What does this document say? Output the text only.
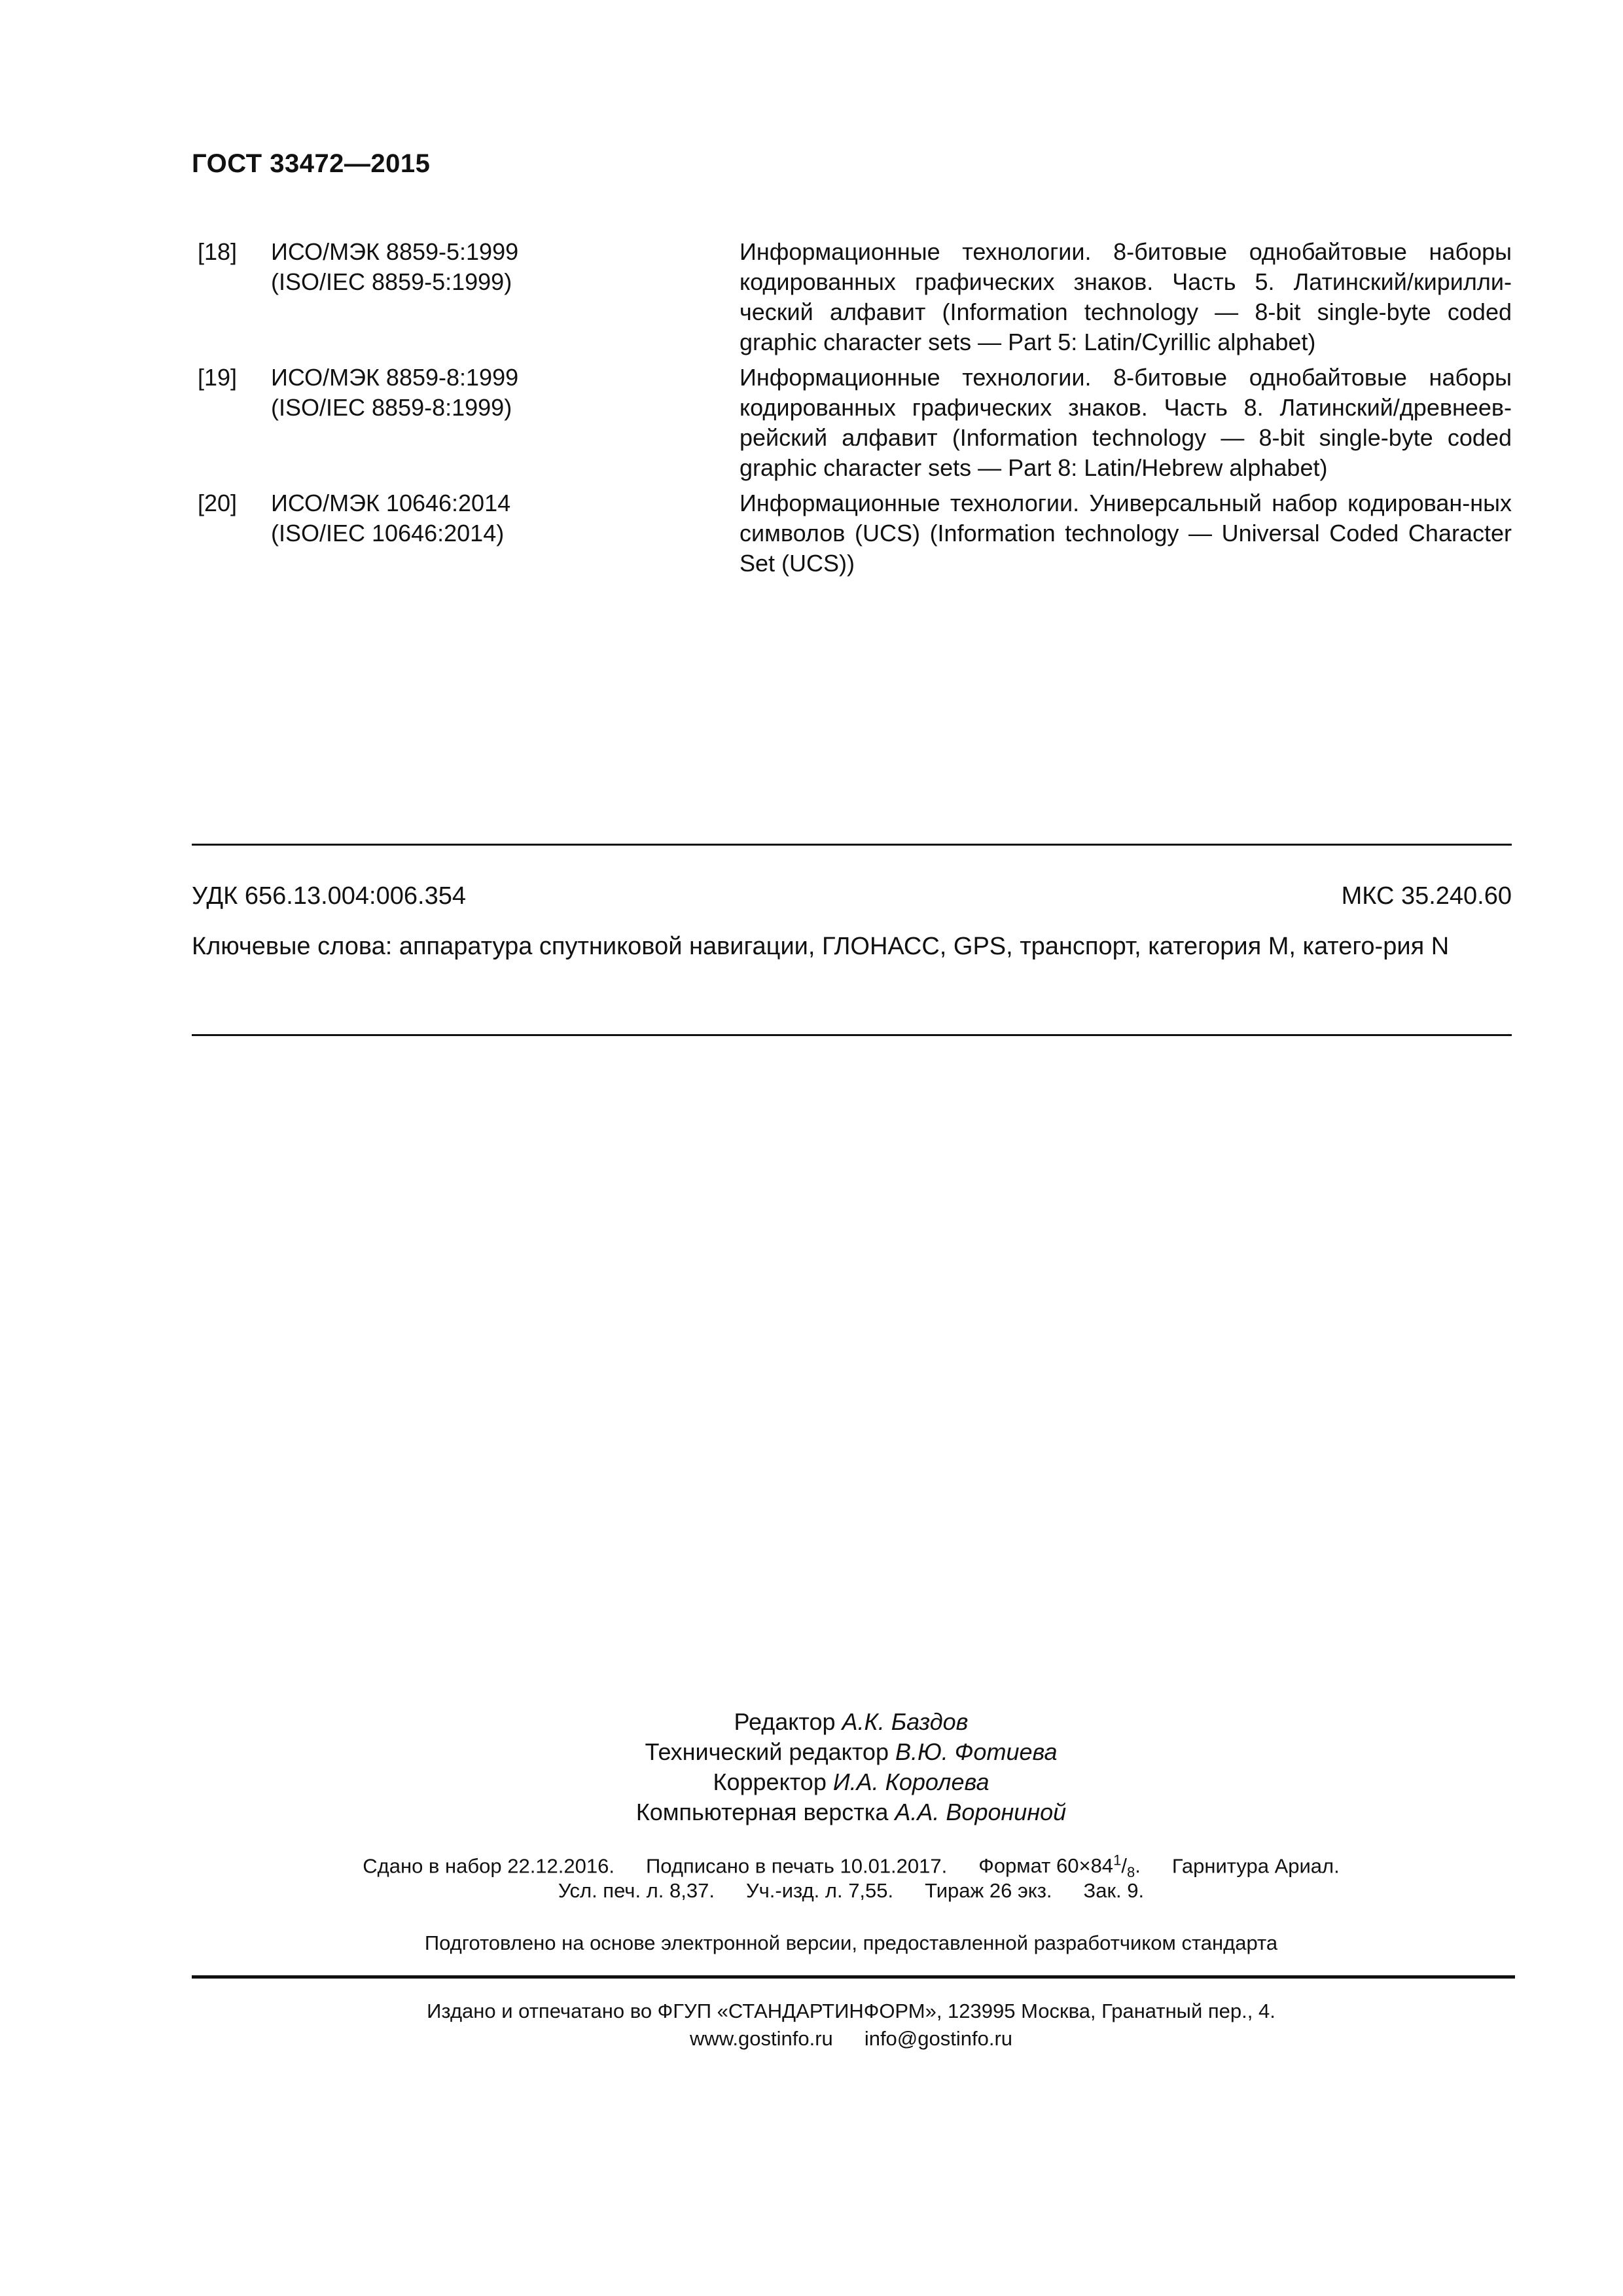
ГОСТ 33472—2015
[18] ИСО/МЭК 8859-5:1999
(ISO/IEC 8859-5:1999)
Информационные технологии. 8-битовые однобайтовые наборы кодированных графических знаков. Часть 5. Латинский/кирилли-ческий алфавит (Information technology — 8-bit single-byte coded graphic character sets — Part 5: Latin/Cyrillic alphabet)
[19] ИСО/МЭК 8859-8:1999
(ISO/IEC 8859-8:1999)
Информационные технологии. 8-битовые однобайтовые наборы кодированных графических знаков. Часть 8. Латинский/древнеев-рейский алфавит (Information technology — 8-bit single-byte coded graphic character sets — Part 8: Latin/Hebrew alphabet)
[20] ИСО/МЭК 10646:2014
(ISO/IEC 10646:2014)
Информационные технологии. Универсальный набор кодирован-ных символов (UCS) (Information technology — Universal Coded Character Set (UCS))
УДК 656.13.004:006.354	МКС 35.240.60
Ключевые слова: аппаратура спутниковой навигации, ГЛОНАСС, GPS, транспорт, категория M, катего-рия N
Редактор А.К. Баздов
Технический редактор В.Ю. Фотиева
Корректор И.А. Королева
Компьютерная верстка А.А. Ворониной
Сдано в набор 22.12.2016. Подписано в печать 10.01.2017. Формат $60\times 84^1/_8$. Гарнитура Ариал.
Усл. печ. л. 8,37. Уч.-изд. л. 7,55. Тираж 26 экз. Зак. 9.
Подготовлено на основе электронной версии, предоставленной разработчиком стандарта
Издано и отпечатано во ФГУП «СТАНДАРТИНФОРМ», 123995 Москва, Гранатный пер., 4.
www.gostinfo.ru info@gostinfo.ru
